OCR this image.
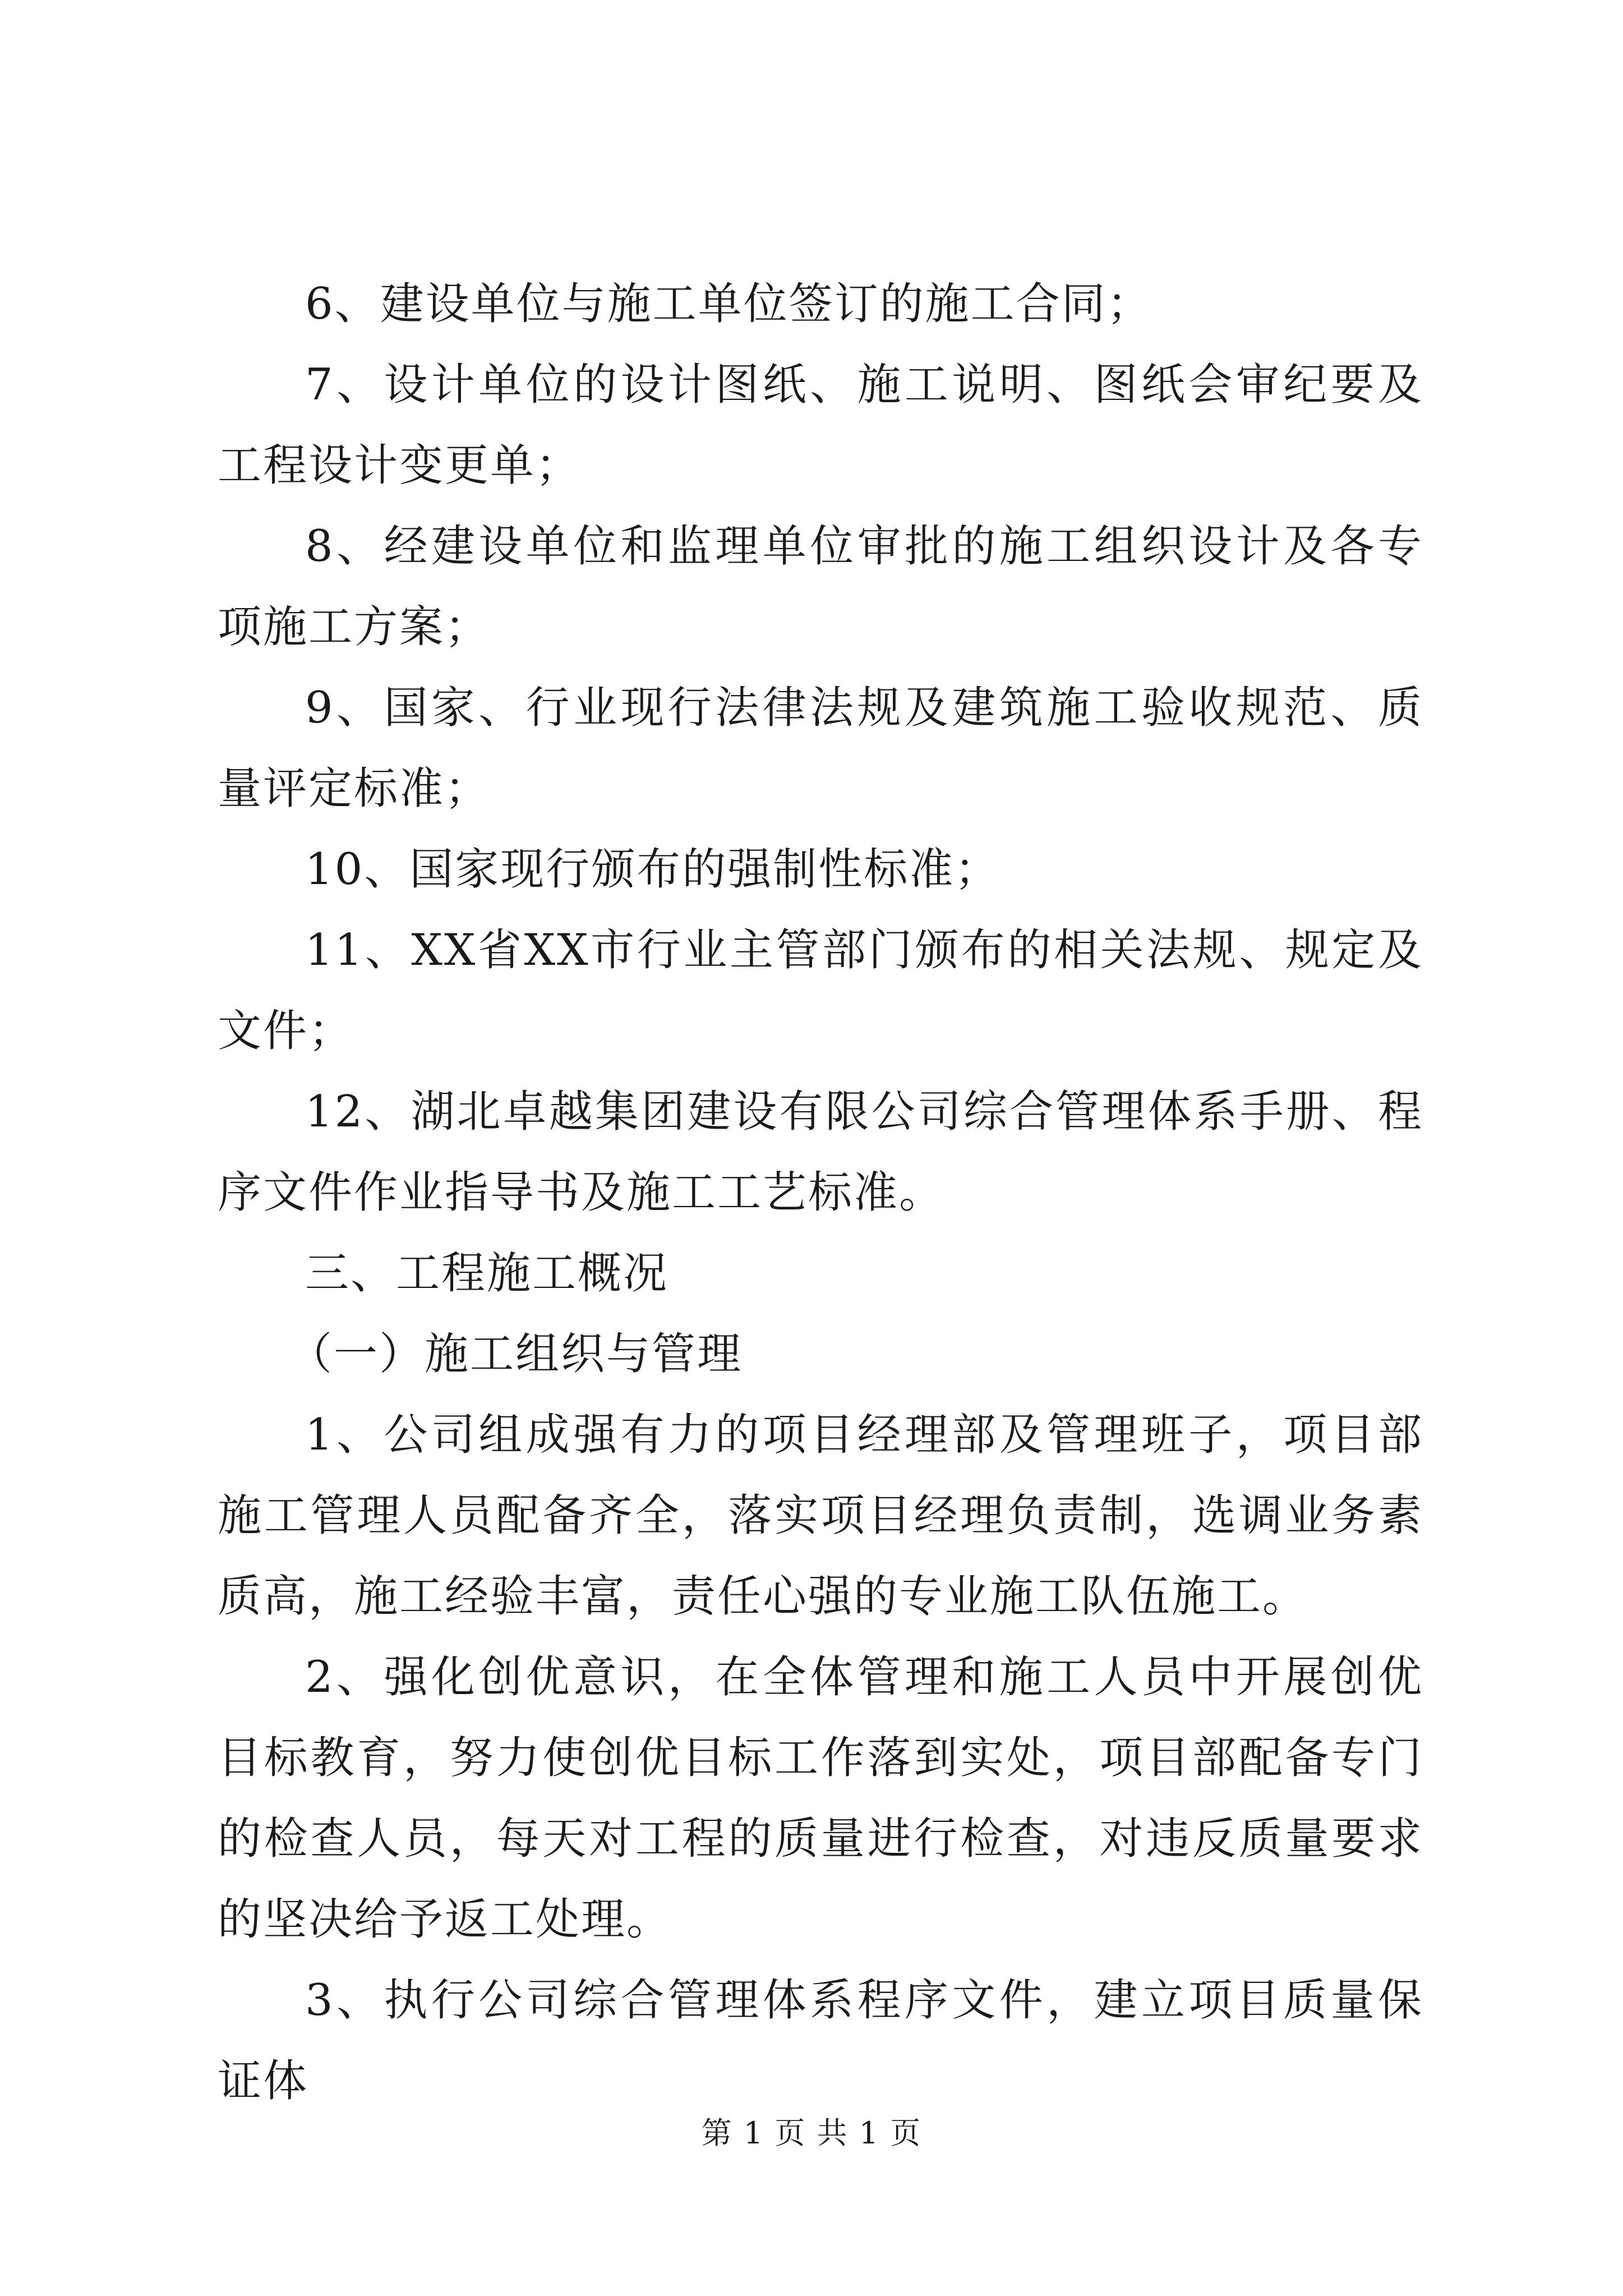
6、建设单位与施工单位签订的施工合同；

7、设计单位的设计图纸、施工说明、图纸会审纪要及工程设计变更单；

8、经建设单位和监理单位审批的施工组织设计及各专项施工方案；

9、国家、行业现行法律法规及建筑施工验收规范、质量评定标准；

10、国家现行颁布的强制性标准；

11、XX省XX市行业主管部门颁布的相关法规、规定及文件；

12、湖北卓越集团建设有限公司综合管理体系手册、程序文件作业指导书及施工工艺标准。

三、工程施工概况

（一）施工组织与管理

1、公司组成强有力的项目经理部及管理班子，项目部施工管理人员配备齐全，落实项目经理负责制，选调业务素质高，施工经验丰富，责任心强的专业施工队伍施工。

2、强化创优意识，在全体管理和施工人员中开展创优目标教育，努力使创优目标工作落到实处，项目部配备专门的检查人员，每天对工程的质量进行检查，对违反质量要求的坚决给予返工处理。

3、执行公司综合管理体系程序文件，建立项目质量保证体

第 1 页 共 1 页
